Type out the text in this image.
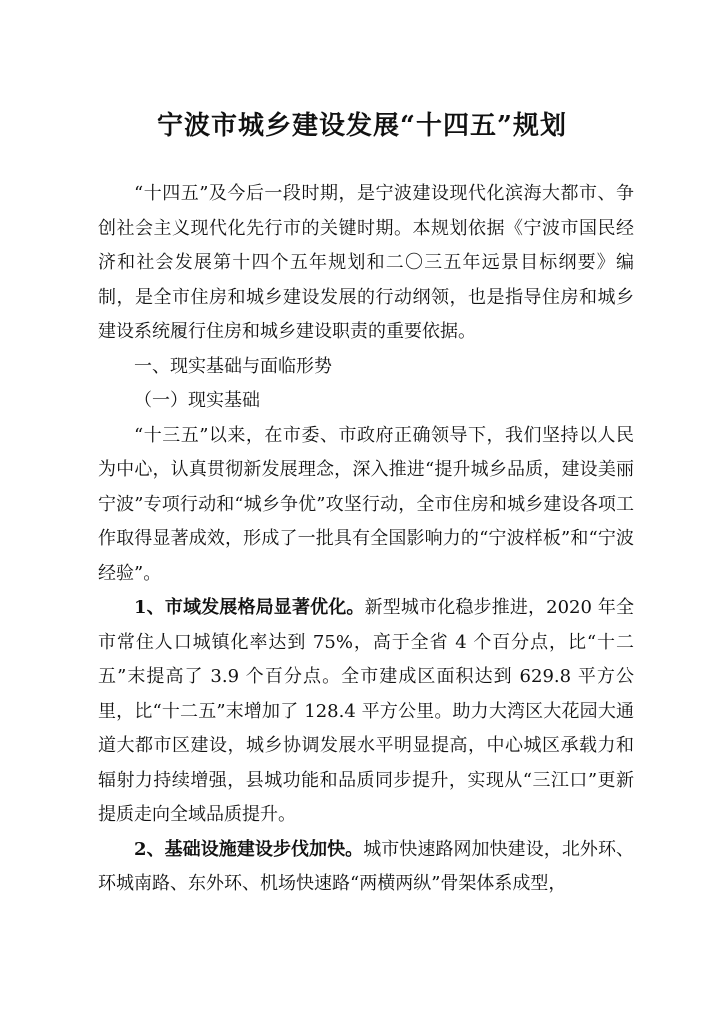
宁波市城乡建设发展“十四五”规划

“十四五”及今后一段时期，是宁波建设现代化滨海大都市、争创社会主义现代化先行市的关键时期。本规划依据《宁波市国民经济和社会发展第十四个五年规划和二〇三五年远景目标纲要》编制，是全市住房和城乡建设发展的行动纲领，也是指导住房和城乡建设系统履行住房和城乡建设职责的重要依据。

一、现实基础与面临形势

（一）现实基础

“十三五”以来，在市委、市政府正确领导下，我们坚持以人民为中心，认真贯彻新发展理念，深入推进“提升城乡品质，建设美丽宁波”专项行动和“城乡争优”攻坚行动，全市住房和城乡建设各项工作取得显著成效，形成了一批具有全国影响力的“宁波样板”和“宁波经验”。

1、市域发展格局显著优化。新型城市化稳步推进，2020 年全市常住人口城镇化率达到 75%，高于全省 4 个百分点，比“十二五”末提高了 3.9 个百分点。全市建成区面积达到 629.8 平方公里，比“十二五”末增加了 128.4 平方公里。助力大湾区大花园大通道大都市区建设，城乡协调发展水平明显提高，中心城区承载力和辐射力持续增强，县城功能和品质同步提升，实现从“三江口”更新提质走向全域品质提升。

2、基础设施建设步伐加快。城市快速路网加快建设，北外环、环城南路、东外环、机场快速路“两横两纵”骨架体系成型，
